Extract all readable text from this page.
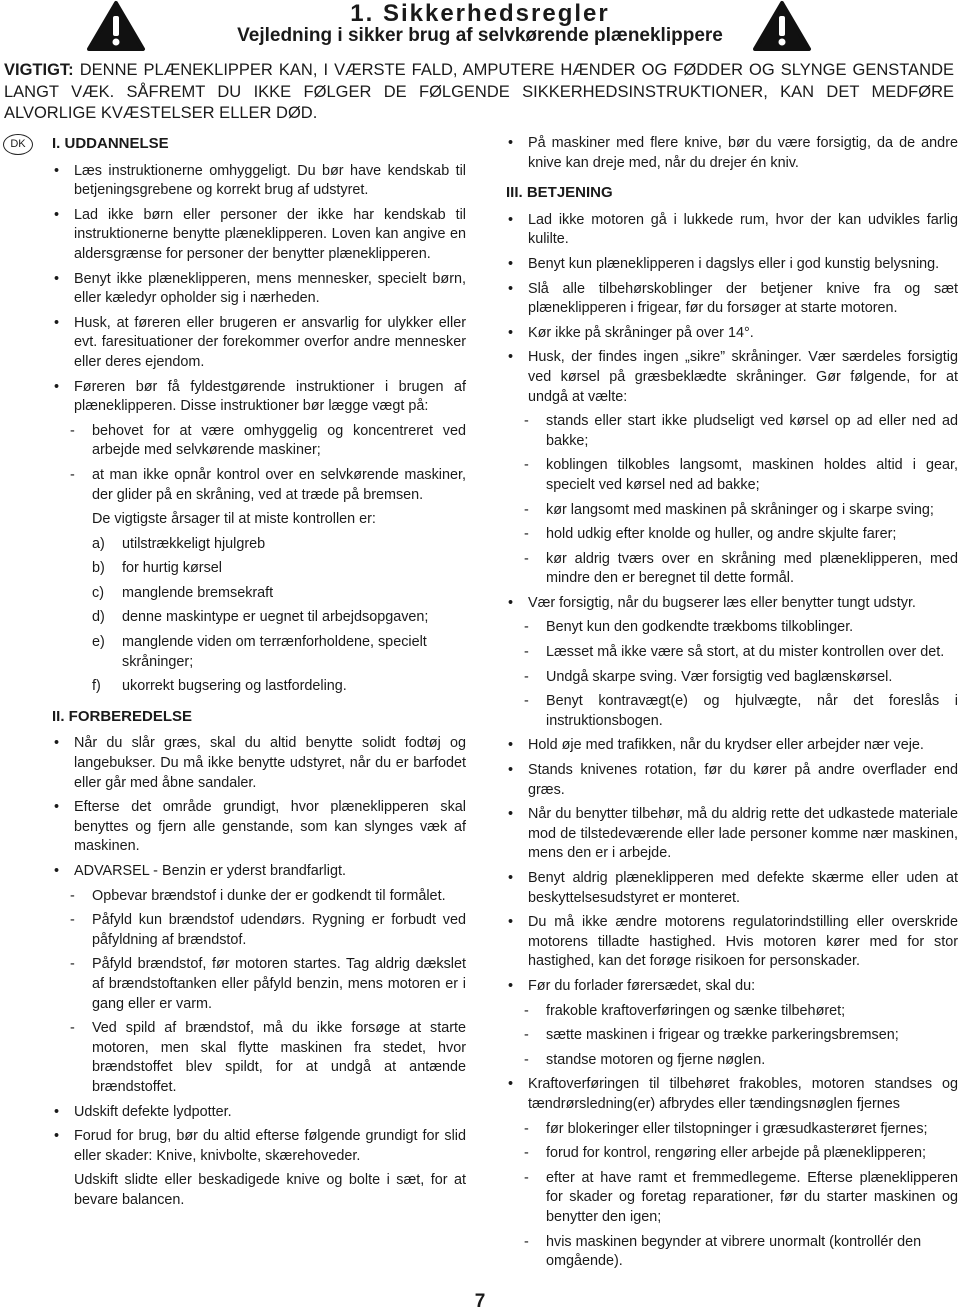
1. Sikkerhedsregler
Vejledning i sikker brug af selvkørende plæneklippere
VIGTIGT: DENNE PLÆNEKLIPPER KAN, I VÆRSTE FALD, AMPUTERE HÆNDER OG FØDDER OG SLYNGE GENSTANDE LANGT VÆK. SÅFREMT DU IKKE FØLGER DE FØLGENDE SIKKERHEDSINSTRUKTIONER, KAN DET MEDFØRE ALVORLIGE KVÆSTELSER ELLER DØD.
DK	I. UDDANNELSE
• Læs instruktionerne omhyggeligt. Du bør have kendskab til betjeningsgrebene og korrekt brug af udstyret.
• Lad ikke børn eller personer der ikke har kendskab til instruktionerne benytte plæneklipperen. Loven kan angive en aldersgrænse for personer der benytter plæneklipperen.
• Benyt ikke plæneklipperen, mens mennesker, specielt børn, eller kæledyr opholder sig i nærheden.
• Husk, at føreren eller brugeren er ansvarlig for ulykker eller evt. faresituationer der forekommer overfor andre mennesker eller deres ejendom.
• Føreren bør få fyldestgørende instruktioner i brugen af plæneklipperen. Disse instruktioner bør lægge vægt på:
- behovet for at være omhyggelig og koncentreret ved arbejde med selvkørende maskiner;
- at man ikke opnår kontrol over en selvkørende maskiner, der glider på en skråning, ved at træde på bremsen.
De vigtigste årsager til at miste kontrollen er:
a) utilstrækkeligt hjulgreb
b) for hurtig kørsel
c) manglende bremsekraft
d) denne maskintype er uegnet til arbejdsopgaven;
e) manglende viden om terrænforholdene, specielt skråninger;
f) ukorrekt bugsering og lastfordeling.
II. FORBEREDELSE
• Når du slår græs, skal du altid benytte solidt fodtøj og langebukser. Du må ikke benytte udstyret, når du er barfodet eller går med åbne sandaler.
• Efterse det område grundigt, hvor plæneklipperen skal benyttes og fjern alle genstande, som kan slynges væk af maskinen.
• ADVARSEL - Benzin er yderst brandfarligt.
- Opbevar brændstof i dunke der er godkendt til formålet.
- Påfyld kun brændstof udendørs. Rygning er forbudt ved påfyldning af brændstof.
- Påfyld brændstof, før motoren startes. Tag aldrig dækslet af brændstoftanken eller påfyld benzin, mens motoren er i gang eller er varm.
- Ved spild af brændstof, må du ikke forsøge at starte motoren, men skal flytte maskinen fra stedet, hvor brændstoffet blev spildt, for at undgå at antænde brændstoffet.
• Udskift defekte lydpotter.
• Forud for brug, bør du altid efterse følgende grundigt for slid eller skader: Knive, knivbolte, skærehoveder.
Udskift slidte eller beskadigede knive og bolte i sæt, for at bevare balancen.
• På maskiner med flere knive, bør du være forsigtig, da de andre knive kan dreje med, når du drejer én kniv.
III. BETJENING
• Lad ikke motoren gå i lukkede rum, hvor der kan udvikles farlig kulilte.
• Benyt kun plæneklipperen i dagslys eller i god kunstig belysning.
• Slå alle tilbehørskoblinger der betjener knive fra og sæt plæneklipperen i frigear, før du forsøger at starte motoren.
• Kør ikke på skråninger på over 14°.
• Husk, der findes ingen „sikre” skråninger. Vær særdeles forsigtig ved kørsel på græsbeklædte skråninger. Gør følgende, for at undgå at vælte:
- stands eller start ikke pludseligt ved kørsel op ad eller ned ad bakke;
- koblingen tilkobles langsomt, maskinen holdes altid i gear, specielt ved kørsel ned ad bakke;
- kør langsomt med maskinen på skråninger og i skarpe sving;
- hold udkig efter knolde og huller, og andre skjulte farer;
- kør aldrig tværs over en skråning med plæneklipperen, med mindre den er beregnet til dette formål.
• Vær forsigtig, når du bugserer læs eller benytter tungt udstyr.
- Benyt kun den godkendte trækboms tilkoblinger.
- Læsset må ikke være så stort, at du mister kontrollen over det.
- Undgå skarpe sving. Vær forsigtig ved baglænskørsel.
- Benyt kontravægt(e) og hjulvægte, når det foreslås i instruktionsbogen.
• Hold øje med trafikken, når du krydser eller arbejder nær veje.
• Stands knivenes rotation, før du kører på andre overflader end græs.
• Når du benytter tilbehør, må du aldrig rette det udkastede materiale mod de tilstedeværende eller lade personer komme nær maskinen, mens den er i arbejde.
• Benyt aldrig plæneklipperen med defekte skærme eller uden at beskyttelsesudstyret er monteret.
• Du må ikke ændre motorens regulatorindstilling eller overskride motorens tilladte hastighed. Hvis motoren kører med for stor hastighed, kan det forøge risikoen for personskader.
• Før du forlader førersædet, skal du:
- frakoble kraftoverføringen og sænke tilbehøret;
- sætte maskinen i frigear og trække parkeringsbremsen;
- standse motoren og fjerne nøglen.
• Kraftoverføringen til tilbehøret frakobles, motoren standses og tændrørsledning(er) afbrydes eller tændingsnøglen fjernes
- før blokeringer eller tilstopninger i græsudkasterøret fjernes;
- forud for kontrol, rengøring eller arbejde på plæneklipperen;
- efter at have ramt et fremmedlegeme. Efterse plæneklipperen for skader og foretag reparationer, før du starter maskinen og benytter den igen;
- hvis maskinen begynder at vibrere unormalt (kontrollér den omgående).
7
